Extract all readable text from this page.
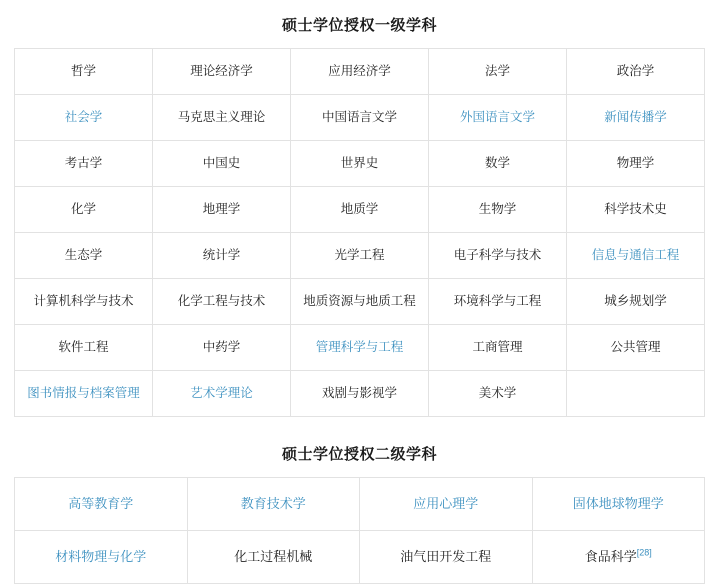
硕士学位授权一级学科
哲学	理论经济学	应用经济学	法学	政治学
社会学	马克思主义理论	中国语言文学	外国语言文学	新闻传播学
考古学	中国史	世界史	数学	物理学
化学	地理学	地质学	生物学	科学技术史
生态学	统计学	光学工程	电子科学与技术	信息与通信工程
计算机科学与技术	化学工程与技术	地质资源与地质工程	环境科学与工程	城乡规划学
软件工程	中药学	管理科学与工程	工商管理	公共管理
图书情报与档案管理	艺术学理论	戏剧与影视学	美术学	
硕士学位授权二级学科
高等教育学	教育技术学	应用心理学	固体地球物理学
材料物理与化学	化工过程机械	油气田开发工程	食品科学[28]
